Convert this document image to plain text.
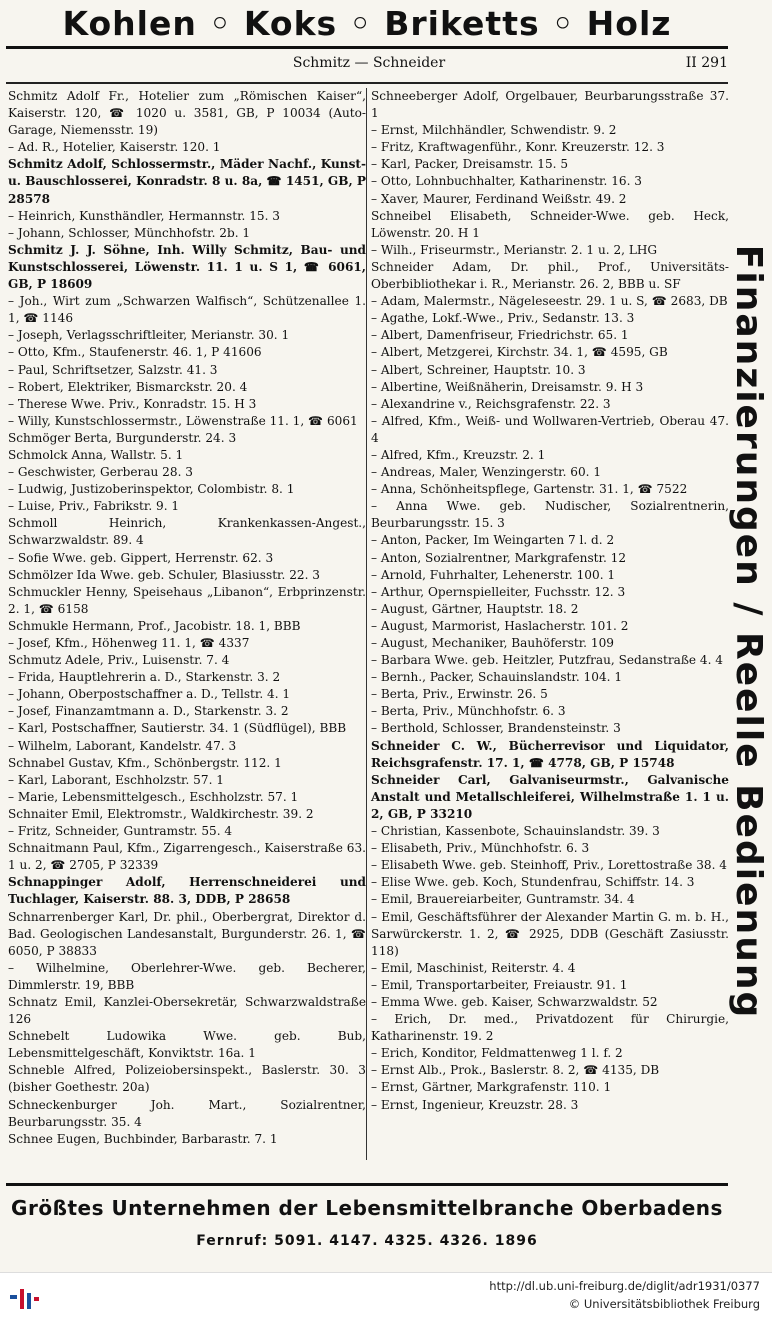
Kohlen ◦ Koks ◦ Briketts ◦ Holz
Schmitz — Schneider	II 291

Schmitz Adolf Fr., Hotelier zum „Römischen Kaiser“, Kaiserstr. 120, ☎ 1020 u. 3581, GB, P 10034 (Auto-Garage, Niemensstr. 19)

– Ad. R., Hotelier, Kaiserstr. 120. 1

Schmitz Adolf, Schlossermstr., Mäder Nachf., Kunst- u. Bauschlosserei, Konradstr. 8 u. 8a, ☎ 1451, GB, P 28578

– Heinrich, Kunsthändler, Hermannstr. 15. 3

– Johann, Schlosser, Münchhofstr. 2b. 1

Schmitz J. J. Söhne, Inh. Willy Schmitz, Bau- und Kunstschlosserei, Löwenstr. 11. 1 u. S 1, ☎ 6061, GB, P 18609

– Joh., Wirt zum „Schwarzen Walfisch“, Schützenallee 1. 1, ☎ 1146

– Joseph, Verlagsschriftleiter, Merianstr. 30. 1

– Otto, Kfm., Staufenerstr. 46. 1, P 41606

– Paul, Schriftsetzer, Salzstr. 41. 3

– Robert, Elektriker, Bismarckstr. 20. 4

– Therese Wwe. Priv., Konradstr. 15. H 3

– Willy, Kunstschlossermstr., Löwenstraße 11. 1, ☎ 6061

Schmöger Berta, Burgunderstr. 24. 3

Schmolck Anna, Wallstr. 5. 1

– Geschwister, Gerberau 28. 3

– Ludwig, Justizoberinspektor, Colombistr. 8. 1

– Luise, Priv., Fabrikstr. 9. 1

Schmoll Heinrich, Krankenkassen-Angest., Schwarzwaldstr. 89. 4

– Sofie Wwe. geb. Gippert, Herrenstr. 62. 3

Schmölzer Ida Wwe. geb. Schuler, Blasiusstr. 22. 3

Schmuckler Henny, Speisehaus „Libanon“, Erbprinzenstr. 2. 1, ☎ 6158

Schmukle Hermann, Prof., Jacobistr. 18. 1, BBB

– Josef, Kfm., Höhenweg 11. 1, ☎ 4337

Schmutz Adele, Priv., Luisenstr. 7. 4

– Frida, Hauptlehrerin a. D., Starkenstr. 3. 2

– Johann, Oberpostschaffner a. D., Tellstr. 4. 1

– Josef, Finanzamtmann a. D., Starkenstr. 3. 2

– Karl, Postschaffner, Sautierstr. 34. 1 (Südflügel), BBB

– Wilhelm, Laborant, Kandelstr. 47. 3

Schnabel Gustav, Kfm., Schönbergstr. 112. 1

– Karl, Laborant, Eschholzstr. 57. 1

– Marie, Lebensmittelgesch., Eschholzstr. 57. 1

Schnaiter Emil, Elektromstr., Waldkirchestr. 39. 2

– Fritz, Schneider, Guntramstr. 55. 4

Schnaitmann Paul, Kfm., Zigarrengesch., Kaiserstraße 63. 1 u. 2, ☎ 2705, P 32339

Schnappinger Adolf, Herrenschneiderei und Tuchlager, Kaiserstr. 88. 3, DDB, P 28658

Schnarrenberger Karl, Dr. phil., Oberbergrat, Direktor d. Bad. Geologischen Landesanstalt, Burgunderstr. 26. 1, ☎ 6050, P 38833

– Wilhelmine, Oberlehrer-Wwe. geb. Becherer, Dimmlerstr. 19, BBB

Schnatz Emil, Kanzlei-Obersekretär, Schwarzwaldstraße 126

Schnebelt Ludowika Wwe. geb. Bub, Lebensmittelgeschäft, Konviktstr. 16a. 1

Schneble Alfred, Polizeiobersinspekt., Baslerstr. 30. 3 (bisher Goethestr. 20a)

Schneckenburger Joh. Mart., Sozialrentner, Beurbarungsstr. 35. 4

Schnee Eugen, Buchbinder, Barbarastr. 7. 1

Schneeberger Adolf, Orgelbauer, Beurbarungsstraße 37. 1

– Ernst, Milchhändler, Schwendistr. 9. 2

– Fritz, Kraftwagenführ., Konr. Kreuzerstr. 12. 3

– Karl, Packer, Dreisamstr. 15. 5

– Otto, Lohnbuchhalter, Katharinenstr. 16. 3

– Xaver, Maurer, Ferdinand Weißstr. 49. 2

Schneibel Elisabeth, Schneider-Wwe. geb. Heck, Löwenstr. 20. H 1

– Wilh., Friseurmstr., Merianstr. 2. 1 u. 2, LHG

Schneider Adam, Dr. phil., Prof., Universitäts-Oberbibliothekar i. R., Merianstr. 26. 2, BBB u. SF

– Adam, Malermstr., Nägeleseestr. 29. 1 u. S, ☎ 2683, DB

– Agathe, Lokf.-Wwe., Priv., Sedanstr. 13. 3

– Albert, Damenfriseur, Friedrichstr. 65. 1

– Albert, Metzgerei, Kirchstr. 34. 1, ☎ 4595, GB

– Albert, Schreiner, Hauptstr. 10. 3

– Albertine, Weißnäherin, Dreisamstr. 9. H 3

– Alexandrine v., Reichsgrafenstr. 22. 3

– Alfred, Kfm., Weiß- und Wollwaren-Vertrieb, Oberau 47. 4

– Alfred, Kfm., Kreuzstr. 2. 1

– Andreas, Maler, Wenzingerstr. 60. 1

– Anna, Schönheitspflege, Gartenstr. 31. 1, ☎ 7522

– Anna Wwe. geb. Nudischer, Sozialrentnerin, Beurbarungsstr. 15. 3

– Anton, Packer, Im Weingarten 7 l. d. 2

– Anton, Sozialrentner, Markgrafenstr. 12

– Arnold, Fuhrhalter, Lehenerstr. 100. 1

– Arthur, Opernspielleiter, Fuchsstr. 12. 3

– August, Gärtner, Hauptstr. 18. 2

– August, Marmorist, Haslacherstr. 101. 2

– August, Mechaniker, Bauhöferstr. 109

– Barbara Wwe. geb. Heitzler, Putzfrau, Sedanstraße 4. 4

– Bernh., Packer, Schauinslandstr. 104. 1

– Berta, Priv., Erwinstr. 26. 5

– Berta, Priv., Münchhofstr. 6. 3

– Berthold, Schlosser, Brandensteinstr. 3

Schneider C. W., Bücherrevisor und Liquidator, Reichsgrafenstr. 17. 1, ☎ 4778, GB, P 15748

Schneider Carl, Galvaniseurmstr., Galvanische Anstalt und Metallschleiferei, Wilhelmstraße 1. 1 u. 2, GB, P 33210

– Christian, Kassenbote, Schauinslandstr. 39. 3

– Elisabeth, Priv., Münchhofstr. 6. 3

– Elisabeth Wwe. geb. Steinhoff, Priv., Lorettostraße 38. 4

– Elise Wwe. geb. Koch, Stundenfrau, Schiffstr. 14. 3

– Emil, Brauereiarbeiter, Guntramstr. 34. 4

– Emil, Geschäftsführer der Alexander Martin G. m. b. H., Sarwürckerstr. 1. 2, ☎ 2925, DDB (Geschäft Zasiusstr. 118)

– Emil, Maschinist, Reiterstr. 4. 4

– Emil, Transportarbeiter, Freiaustr. 91. 1

– Emma Wwe. geb. Kaiser, Schwarzwaldstr. 52

– Erich, Dr. med., Privatdozent für Chirurgie, Katharinenstr. 19. 2

– Erich, Konditor, Feldmattenweg 1 l. f. 2

– Ernst Alb., Prok., Baslerstr. 8. 2, ☎ 4135, DB

– Ernst, Gärtner, Markgrafenstr. 110. 1

– Ernst, Ingenieur, Kreuzstr. 28. 3

Finanzierungen / Reelle Bedienung
Größtes Unternehmen der Lebensmittelbranche Oberbadens
Fernruf: 5091. 4147. 4325. 4326. 1896
http://dl.ub.uni-freiburg.de/diglit/adr1931/0377
© Universitätsbibliothek Freiburg
